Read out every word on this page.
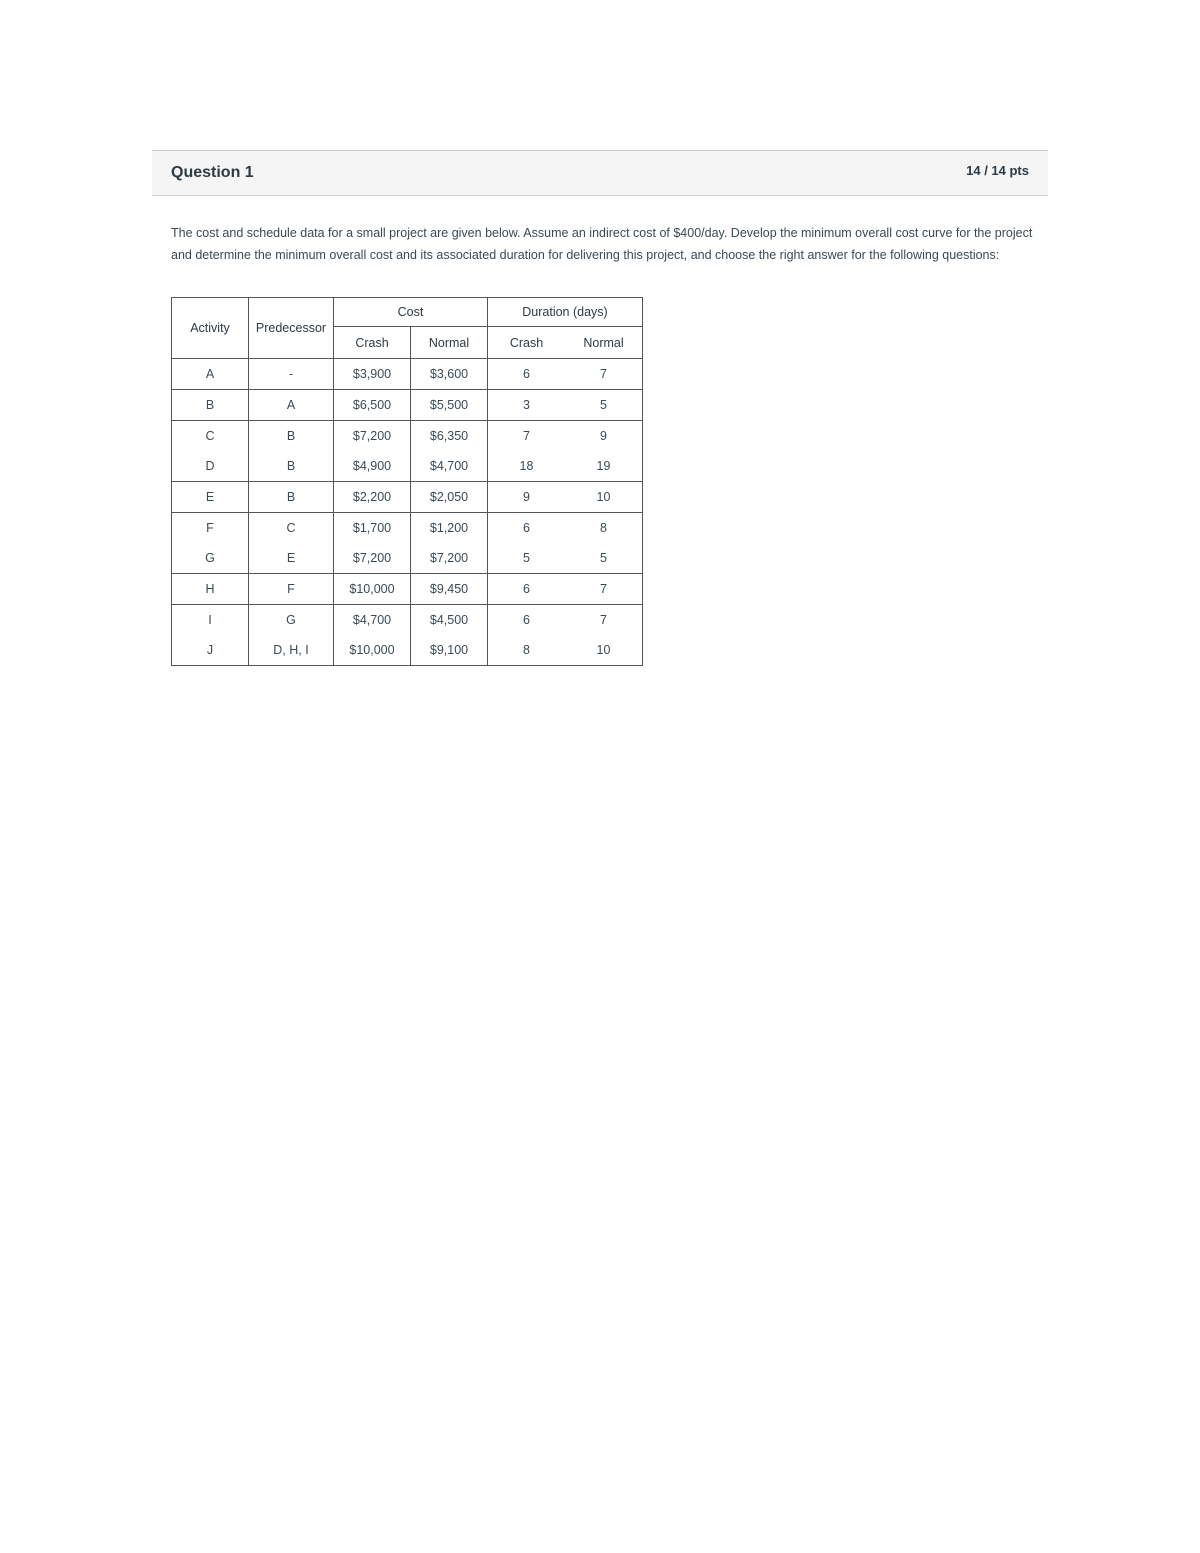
Question 1	14 / 14 pts
The cost and schedule data for a small project are given below. Assume an indirect cost of $400/day. Develop the minimum overall cost curve for the project and determine the minimum overall cost and its associated duration for delivering this project, and choose the right answer for the following questions:
Activity	Predecessor	Cost		Duration (days)	
		Crash	Normal	Crash	Normal
A	-	$3,900	$3,600	6	7
B	A	$6,500	$5,500	3	5
C	B	$7,200	$6,350	7	9
D	B	$4,900	$4,700	18	19
E	B	$2,200	$2,050	9	10
F	C	$1,700	$1,200	6	8
G	E	$7,200	$7,200	5	5
H	F	$10,000	$9,450	6	7
I	G	$4,700	$4,500	6	7
J	D, H, I	$10,000	$9,100	8	10
